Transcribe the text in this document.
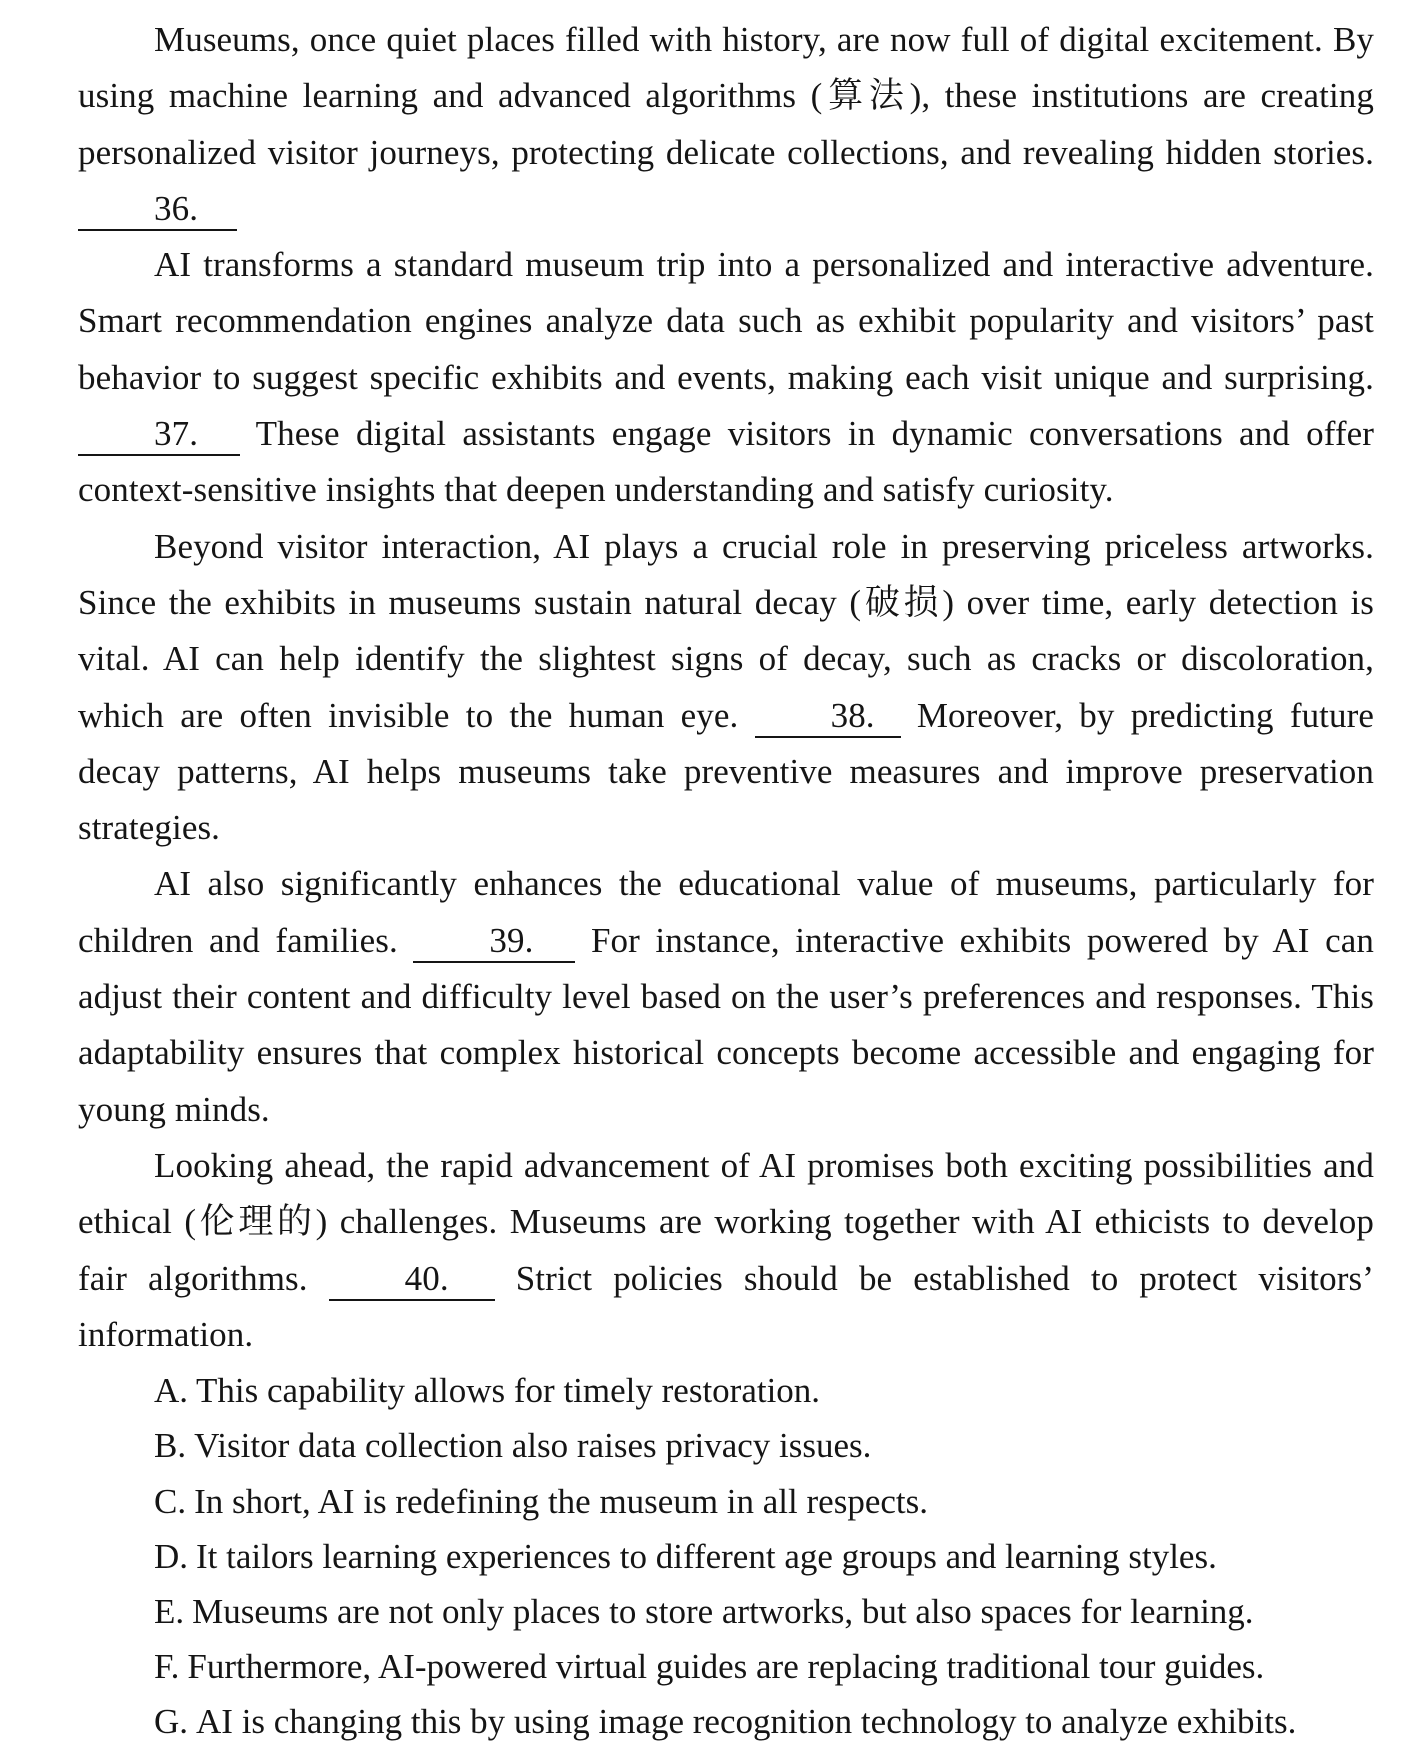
Museums, once quiet places filled with history, are now full of digital excitement. By using machine learning and advanced algorithms (算法), these institutions are creating personalized visitor journeys, protecting delicate collections, and revealing hidden stories. 36.

AI transforms a standard museum trip into a personalized and interactive adventure. Smart recommendation engines analyze data such as exhibit popularity and visitors’ past behavior to suggest specific exhibits and events, making each visit unique and surprising. 37. These digital assistants engage visitors in dynamic conversations and offer context-sensitive insights that deepen understanding and satisfy curiosity.

Beyond visitor interaction, AI plays a crucial role in preserving priceless artworks. Since the exhibits in museums sustain natural decay (破损) over time, early detection is vital. AI can help identify the slightest signs of decay, such as cracks or discoloration, which are often invisible to the human eye.	38. Moreover, by predicting future decay patterns, AI helps museums take preventive measures and improve preservation strategies.

AI also significantly enhances the educational value of museums, particularly for children and families.	39. For instance, interactive exhibits powered by AI can adjust their content and difficulty level based on the user’s preferences and responses. This adaptability ensures that complex historical concepts become accessible and engaging for young minds.

Looking ahead, the rapid advancement of AI promises both exciting possibilities and ethical (伦理的) challenges. Museums are working together with AI ethicists to develop fair algorithms.	40. Strict policies should be established to protect visitors’ information.

A. This capability allows for timely restoration.
B. Visitor data collection also raises privacy issues.
C. In short, AI is redefining the museum in all respects.
D. It tailors learning experiences to different age groups and learning styles.
E. Museums are not only places to store artworks, but also spaces for learning.
F. Furthermore, AI-powered virtual guides are replacing traditional tour guides.
G. AI is changing this by using image recognition technology to analyze exhibits.
